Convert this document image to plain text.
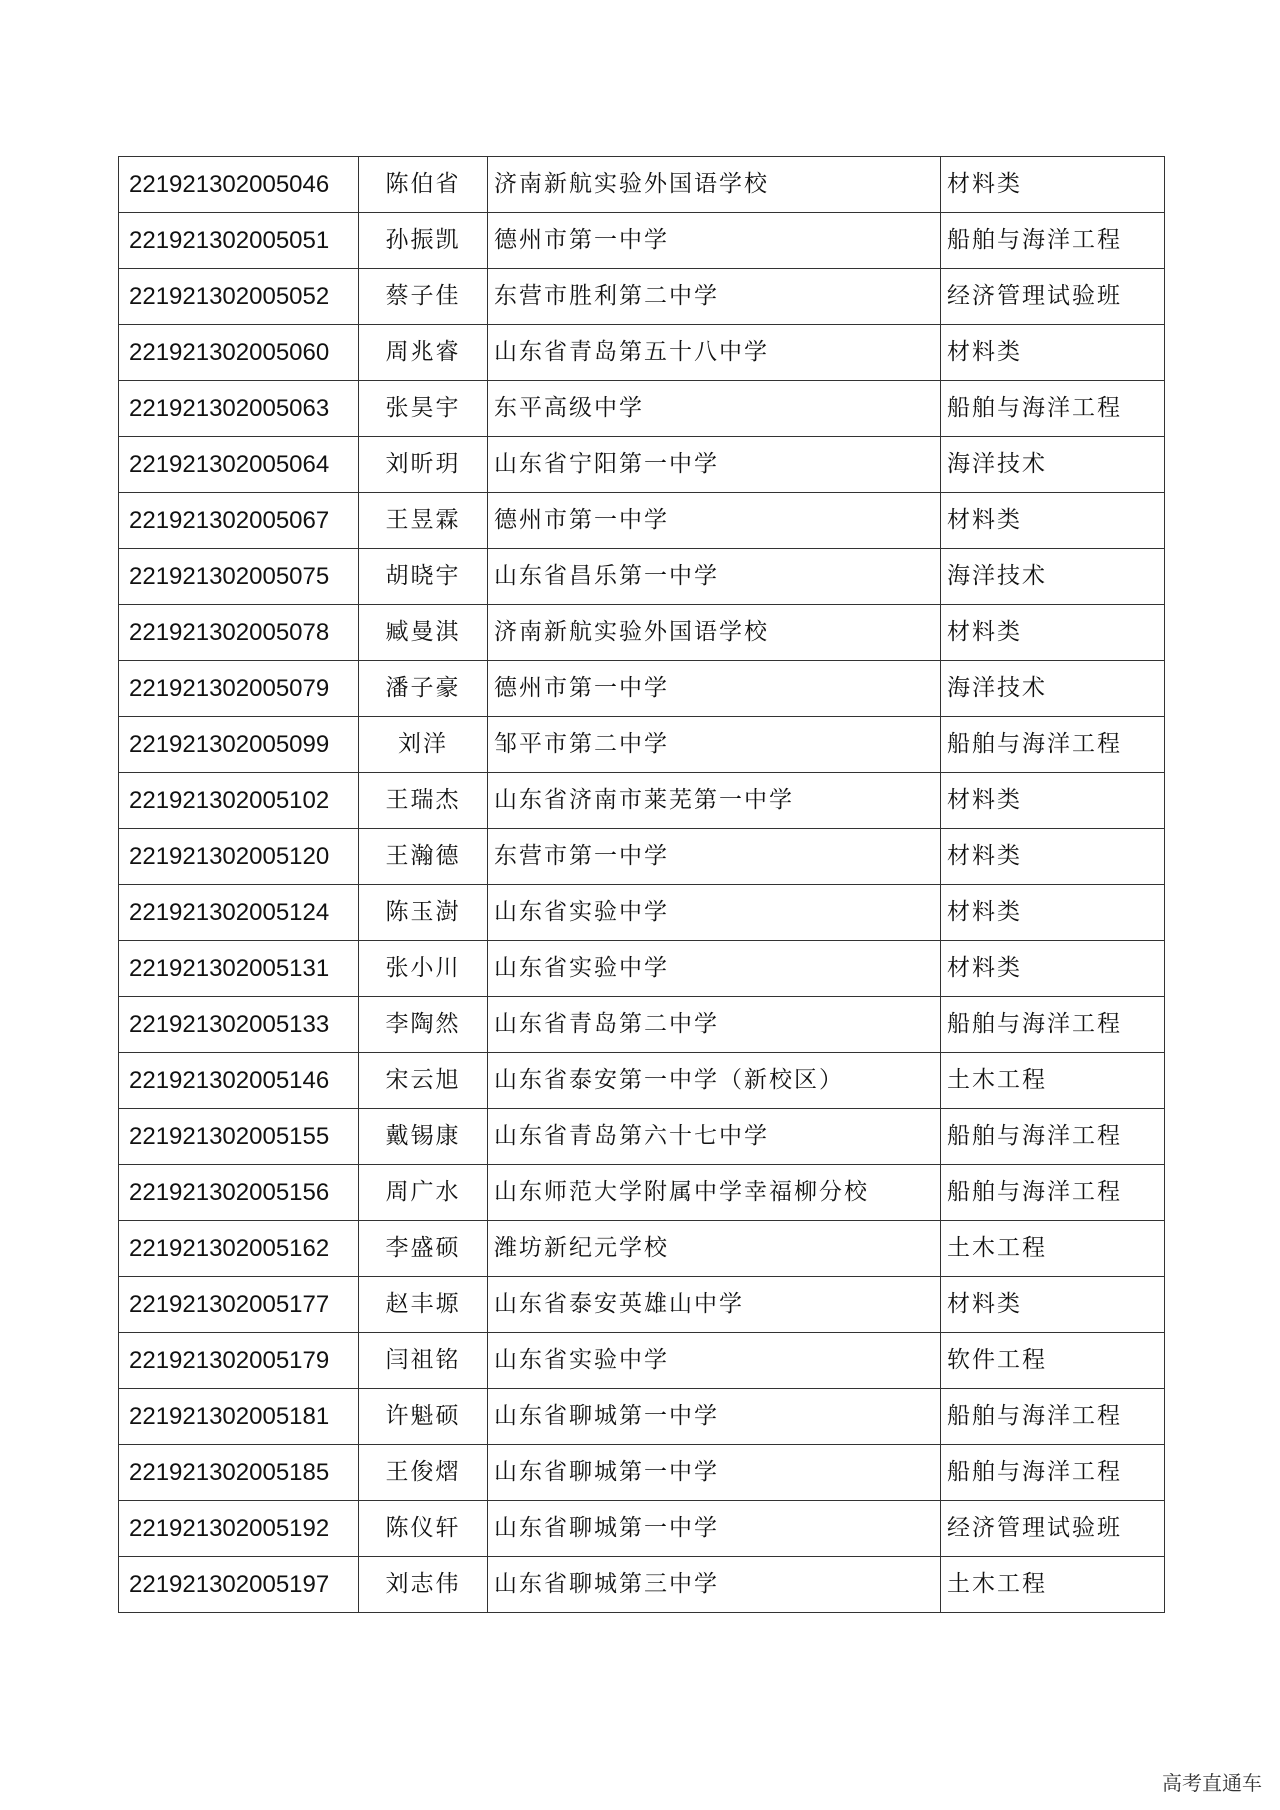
221921302005046	陈伯省	济南新航实验外国语学校	材料类
221921302005051	孙振凯	德州市第一中学	船舶与海洋工程
221921302005052	蔡子佳	东营市胜利第二中学	经济管理试验班
221921302005060	周兆睿	山东省青岛第五十八中学	材料类
221921302005063	张昊宇	东平高级中学	船舶与海洋工程
221921302005064	刘昕玥	山东省宁阳第一中学	海洋技术
221921302005067	王昱霖	德州市第一中学	材料类
221921302005075	胡晓宇	山东省昌乐第一中学	海洋技术
221921302005078	臧曼淇	济南新航实验外国语学校	材料类
221921302005079	潘子豪	德州市第一中学	海洋技术
221921302005099	刘洋	邹平市第二中学	船舶与海洋工程
221921302005102	王瑞杰	山东省济南市莱芜第一中学	材料类
221921302005120	王瀚德	东营市第一中学	材料类
221921302005124	陈玉澍	山东省实验中学	材料类
221921302005131	张小川	山东省实验中学	材料类
221921302005133	李陶然	山东省青岛第二中学	船舶与海洋工程
221921302005146	宋云旭	山东省泰安第一中学（新校区）	土木工程
221921302005155	戴锡康	山东省青岛第六十七中学	船舶与海洋工程
221921302005156	周广水	山东师范大学附属中学幸福柳分校	船舶与海洋工程
221921302005162	李盛硕	潍坊新纪元学校	土木工程
221921302005177	赵丰塬	山东省泰安英雄山中学	材料类
221921302005179	闫祖铭	山东省实验中学	软件工程
221921302005181	许魁硕	山东省聊城第一中学	船舶与海洋工程
221921302005185	王俊熠	山东省聊城第一中学	船舶与海洋工程
221921302005192	陈仪轩	山东省聊城第一中学	经济管理试验班
221921302005197	刘志伟	山东省聊城第三中学	土木工程
高考直通车
